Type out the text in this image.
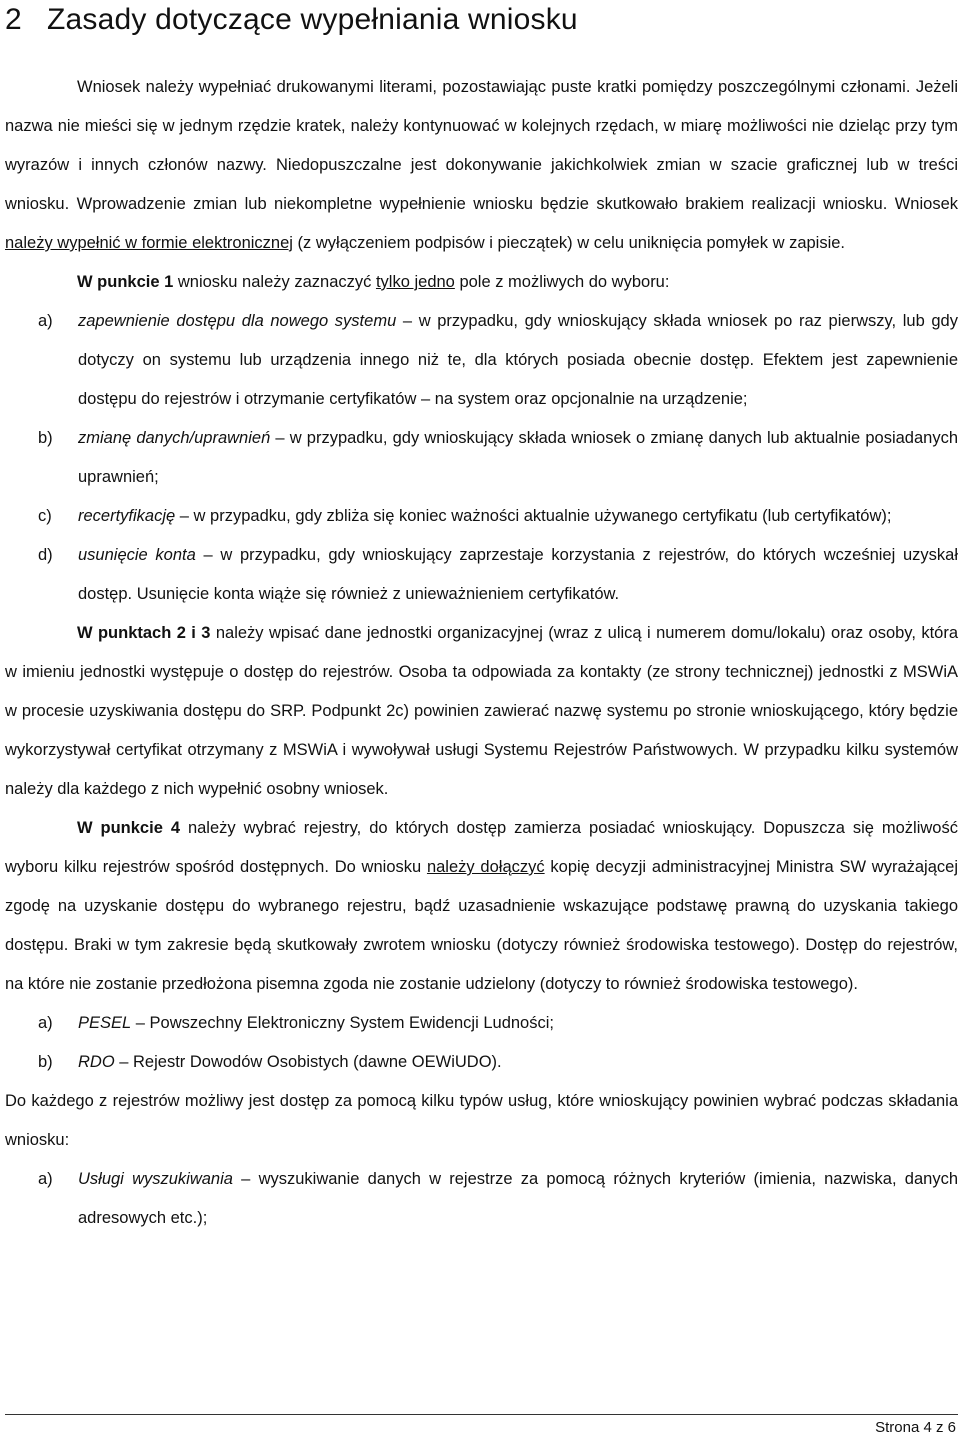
2 Zasady dotyczące wypełniania wniosku

Wniosek należy wypełniać drukowanymi literami, pozostawiając puste kratki pomiędzy poszczególnymi członami. Jeżeli nazwa nie mieści się w jednym rzędzie kratek, należy kontynuować w kolejnych rzędach, w miarę możliwości nie dzieląc przy tym wyrazów i innych członów nazwy. Niedopuszczalne jest dokonywanie jakichkolwiek zmian w szacie graficznej lub w treści wniosku. Wprowadzenie zmian lub niekompletne wypełnienie wniosku będzie skutkowało brakiem realizacji wniosku. Wniosek należy wypełnić w formie elektronicznej (z wyłączeniem podpisów i pieczątek) w celu uniknięcia pomyłek w zapisie.

W punkcie 1 wniosku należy zaznaczyć tylko jedno pole z możliwych do wyboru:

a) zapewnienie dostępu dla nowego systemu – w przypadku, gdy wnioskujący składa wniosek po raz pierwszy, lub gdy dotyczy on systemu lub urządzenia innego niż te, dla których posiada obecnie dostęp. Efektem jest zapewnienie dostępu do rejestrów i otrzymanie certyfikatów – na system oraz opcjonalnie na urządzenie;

b) zmianę danych/uprawnień – w przypadku, gdy wnioskujący składa wniosek o zmianę danych lub aktualnie posiadanych uprawnień;

c) recertyfikację – w przypadku, gdy zbliża się koniec ważności aktualnie używanego certyfikatu (lub certyfikatów);

d) usunięcie konta – w przypadku, gdy wnioskujący zaprzestaje korzystania z rejestrów, do których wcześniej uzyskał dostęp. Usunięcie konta wiąże się również z unieważnieniem certyfikatów.

W punktach 2 i 3 należy wpisać dane jednostki organizacyjnej (wraz z ulicą i numerem domu/lokalu) oraz osoby, która w imieniu jednostki występuje o dostęp do rejestrów. Osoba ta odpowiada za kontakty (ze strony technicznej) jednostki z MSWiA w procesie uzyskiwania dostępu do SRP. Podpunkt 2c) powinien zawierać nazwę systemu po stronie wnioskującego, który będzie wykorzystywał certyfikat otrzymany z MSWiA i wywoływał usługi Systemu Rejestrów Państwowych. W przypadku kilku systemów należy dla każdego z nich wypełnić osobny wniosek.

W punkcie 4 należy wybrać rejestry, do których dostęp zamierza posiadać wnioskujący. Dopuszcza się możliwość wyboru kilku rejestrów spośród dostępnych. Do wniosku należy dołączyć kopię decyzji administracyjnej Ministra SW wyrażającej zgodę na uzyskanie dostępu do wybranego rejestru, bądź uzasadnienie wskazujące podstawę prawną do uzyskania takiego dostępu. Braki w tym zakresie będą skutkowały zwrotem wniosku (dotyczy również środowiska testowego). Dostęp do rejestrów, na które nie zostanie przedłożona pisemna zgoda nie zostanie udzielony (dotyczy to również środowiska testowego).

a) PESEL – Powszechny Elektroniczny System Ewidencji Ludności;

b) RDO – Rejestr Dowodów Osobistych (dawne OEWiUDO).

Do każdego z rejestrów możliwy jest dostęp za pomocą kilku typów usług, które wnioskujący powinien wybrać podczas składania wniosku:

a) Usługi wyszukiwania – wyszukiwanie danych w rejestrze za pomocą różnych kryteriów (imienia, nazwiska, danych adresowych etc.);

Strona 4 z 6
